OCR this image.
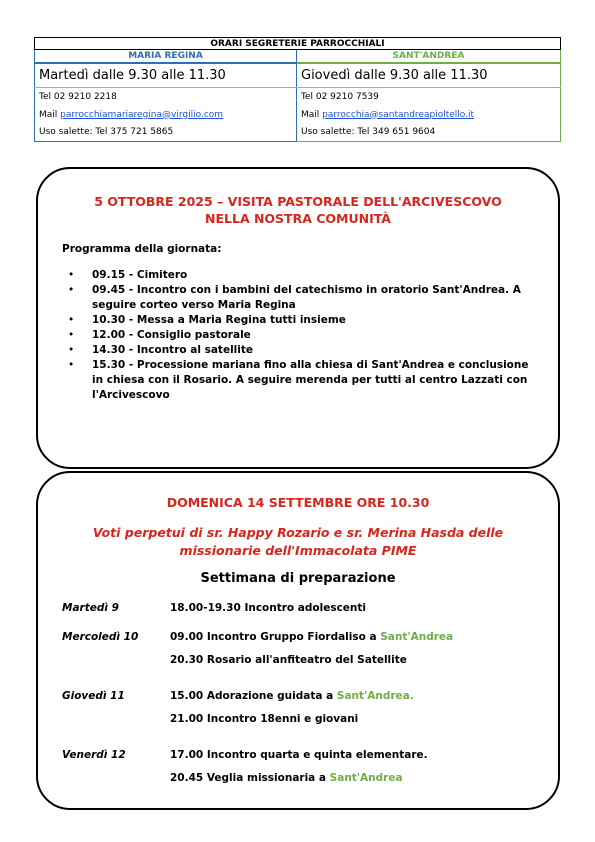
ORARI SEGRETERIE PARROCCHIALI	
MARIA REGINA	SANT'ANDREA
Martedì dalle 9.30 alle 11.30	Giovedì dalle 9.30 alle 11.30
Tel 02 9210 2218	Tel 02 9210 7539
Mail parrocchiamariaregina@virgilio.com	Mail parrocchia@santandreapioltello.it
Uso salette: Tel 375 721 5865	Uso salette: Tel 349 651 9604
5 OTTOBRE 2025 – VISITA PASTORALE DELL'ARCIVESCOVO
NELLA NOSTRA COMUNITÀ
Programma della giornata:
• 09.15 - Cimitero
• 09.45 - Incontro con i bambini del catechismo in oratorio Sant'Andrea. A seguire corteo verso Maria Regina
• 10.30 - Messa a Maria Regina tutti insieme
• 12.00 - Consiglio pastorale
• 14.30 - Incontro al satellite
• 15.30 - Processione mariana fino alla chiesa di Sant'Andrea e conclusione in chiesa con il Rosario. A seguire merenda per tutti al centro Lazzati con l'Arcivescovo
DOMENICA 14 SETTEMBRE ORE 10.30
Voti perpetui di sr. Happy Rozario e sr. Merina Hasda delle
missionarie dell'Immacolata PIME
Settimana di preparazione
Martedì 9	18.00-19.30 Incontro adolescenti
Mercoledì 10	09.00 Incontro Gruppo Fiordaliso a Sant'Andrea
20.30 Rosario all'anfiteatro del Satellite
Giovedì 11	15.00 Adorazione guidata a Sant'Andrea.
21.00 Incontro 18enni e giovani
Venerdì 12	17.00 Incontro quarta e quinta elementare.
20.45 Veglia missionaria a Sant'Andrea
